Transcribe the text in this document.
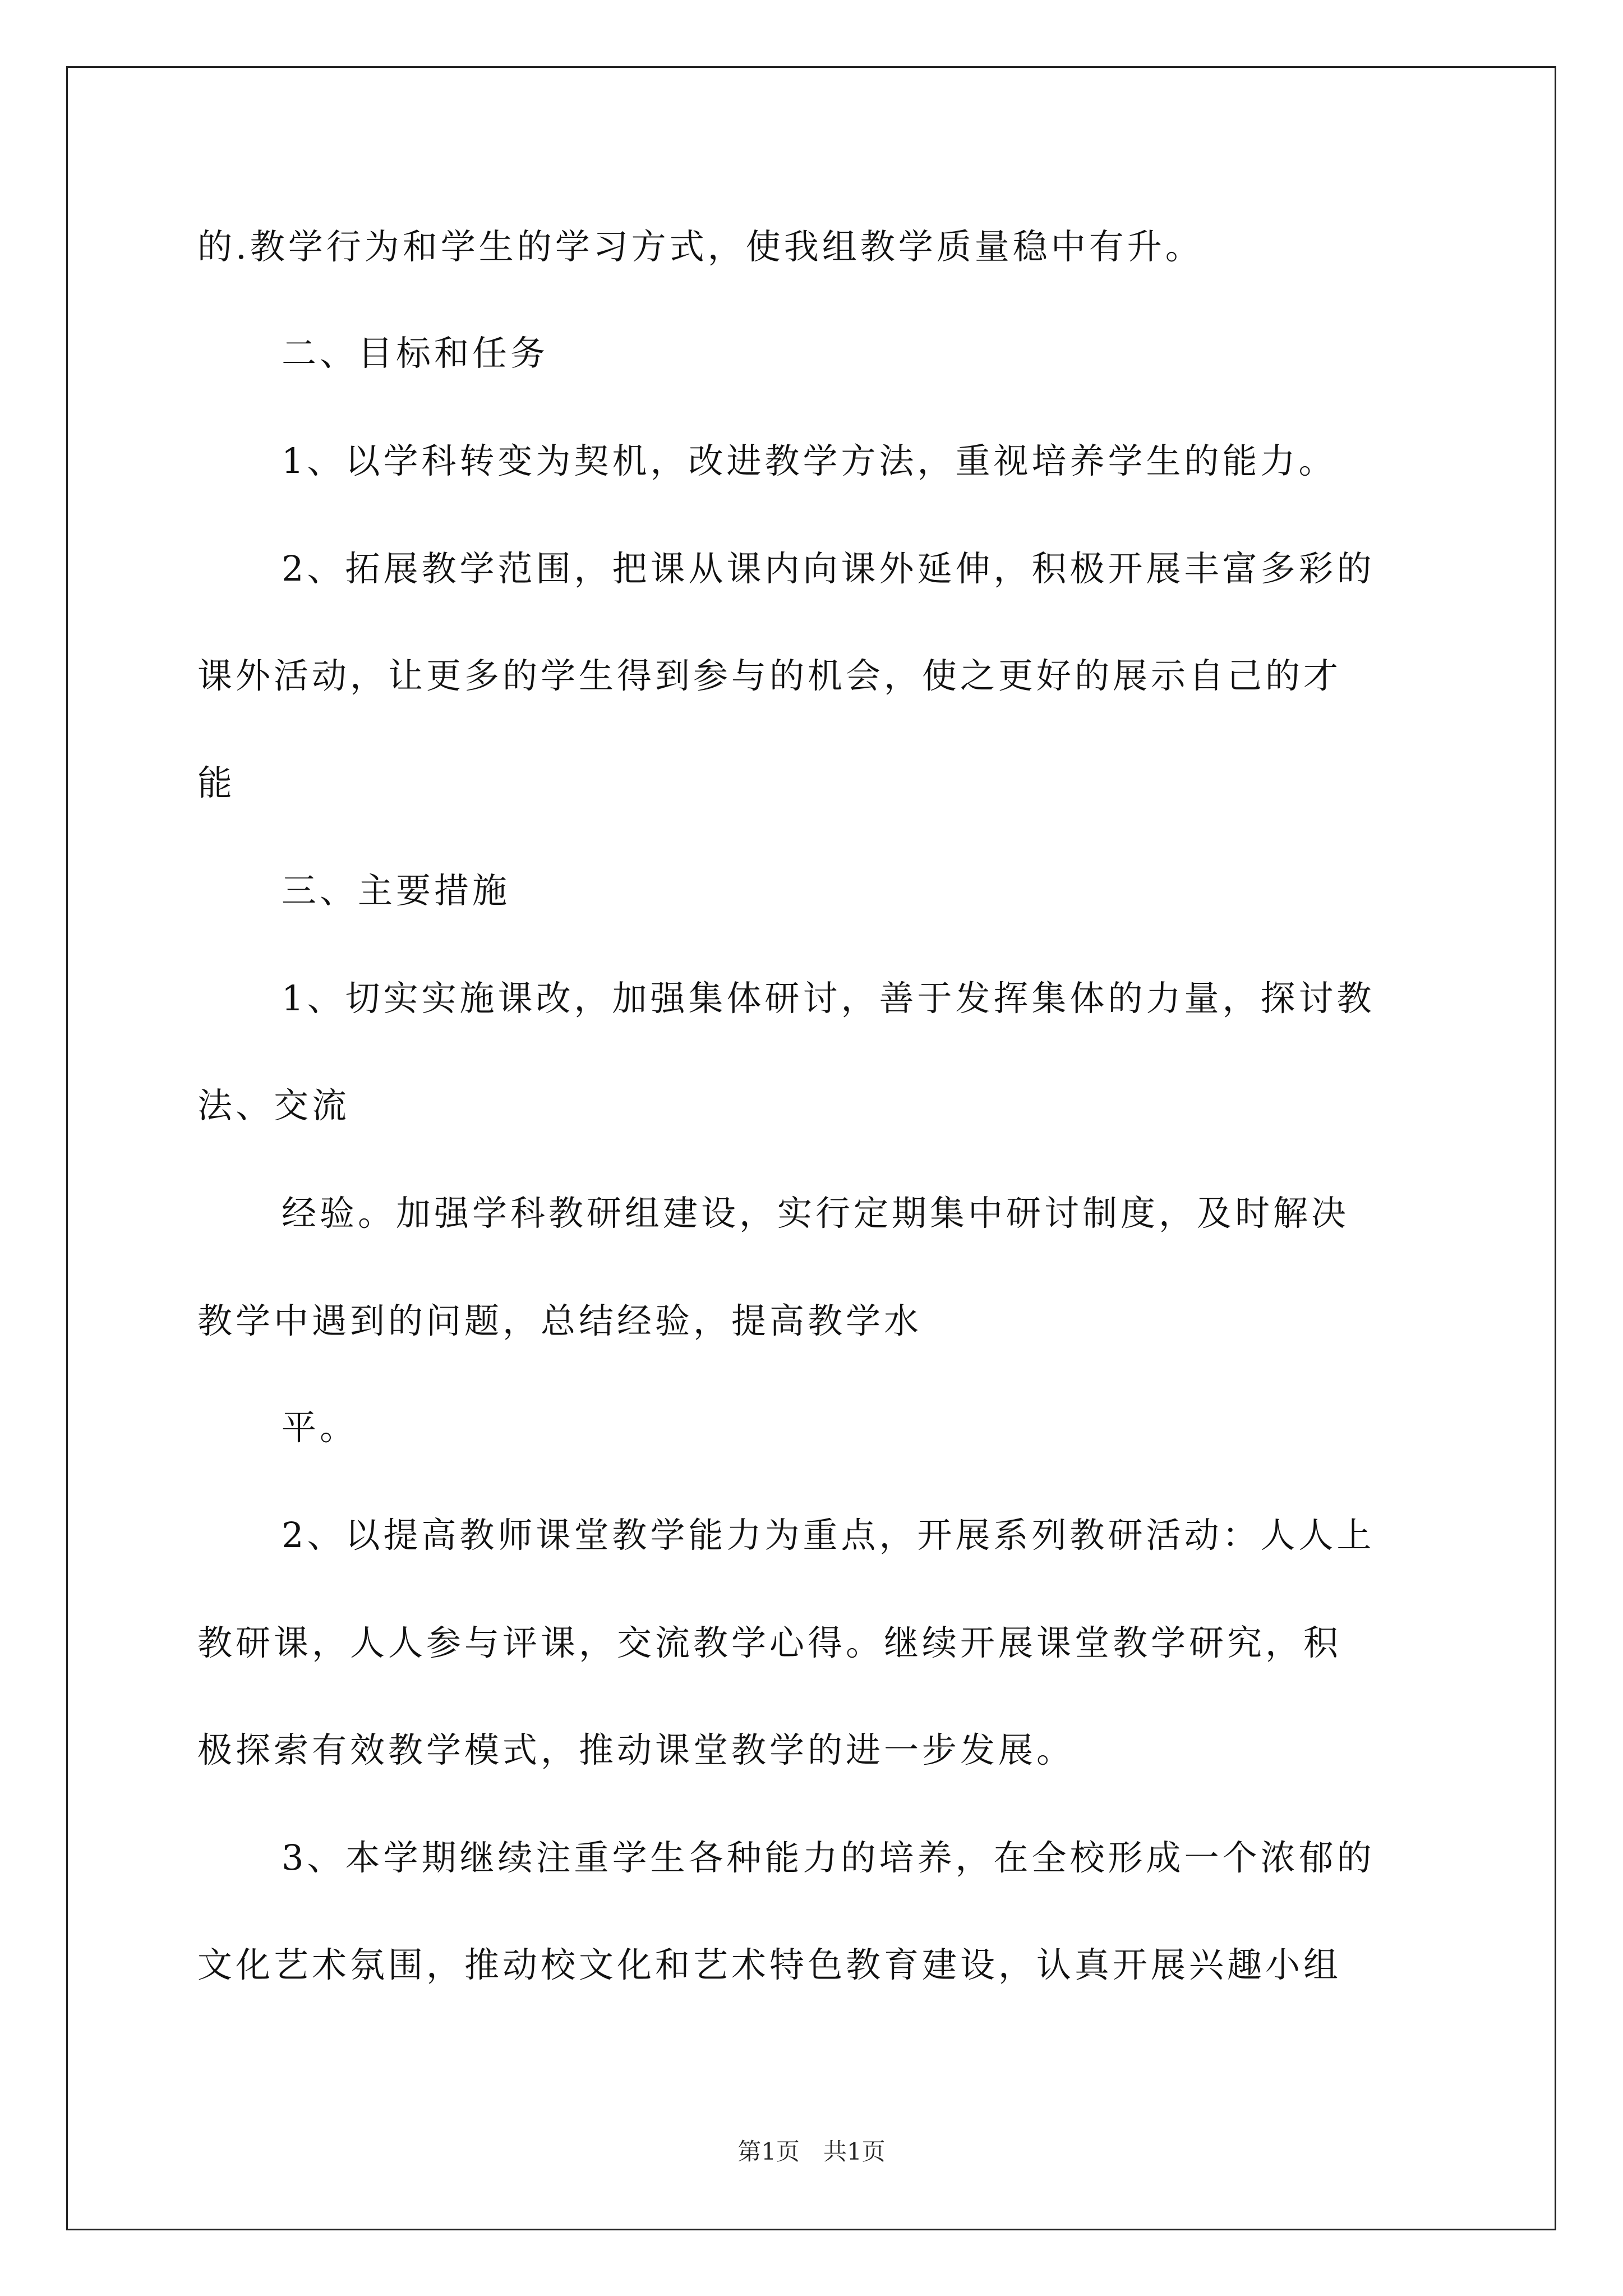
的.教学行为和学生的学习方式，使我组教学质量稳中有升。
二、目标和任务
1、以学科转变为契机，改进教学方法，重视培养学生的能力。
2、拓展教学范围，把课从课内向课外延伸，积极开展丰富多彩的
课外活动，让更多的学生得到参与的机会，使之更好的展示自己的才
能
三、主要措施
1、切实实施课改，加强集体研讨，善于发挥集体的力量，探讨教
法、交流
经验。加强学科教研组建设，实行定期集中研讨制度，及时解决
教学中遇到的问题，总结经验，提高教学水
平。
2、以提高教师课堂教学能力为重点，开展系列教研活动：人人上
教研课，人人参与评课，交流教学心得。继续开展课堂教学研究，积
极探索有效教学模式，推动课堂教学的进一步发展。
3、本学期继续注重学生各种能力的培养，在全校形成一个浓郁的
文化艺术氛围，推动校文化和艺术特色教育建设，认真开展兴趣小组
第1页　共1页
